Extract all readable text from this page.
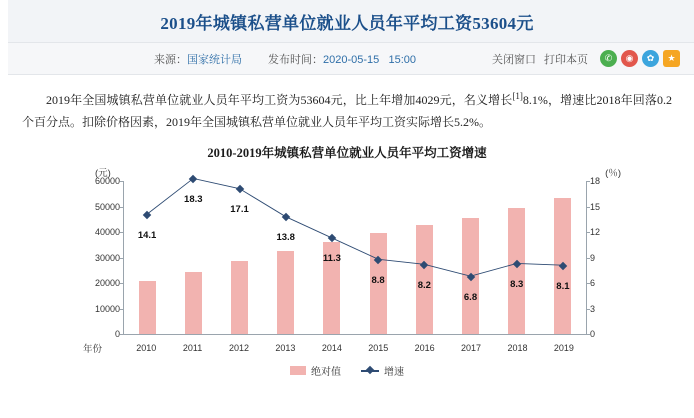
2019年城镇私营单位就业人员年平均工资53604元
来源：国家统计局 发布时间：2020-05-15 15:00	关闭窗口 打印本页	✆	◉	✿	★

2019年全国城镇私营单位就业人员年平均工资为53604元，比上年增加4029元，名义增长[1]8.1%，增速比2018年回落0.2个百分点。扣除价格因素，2019年全国城镇私营单位就业人员年平均工资实际增长5.2%。

2010-2019年城镇私营单位就业人员年平均工资增速
(元)	(％)
年份
0
10000
20000
30000
40000
50000
60000
0
3
6
9
12
15
18
14.1
18.3
17.1
13.8
11.3
8.8	8.2
6.8
8.3	8.1
2010	2011	2012	2013	2014	2015	2016	2017	2018	2019
绝对值	增速
